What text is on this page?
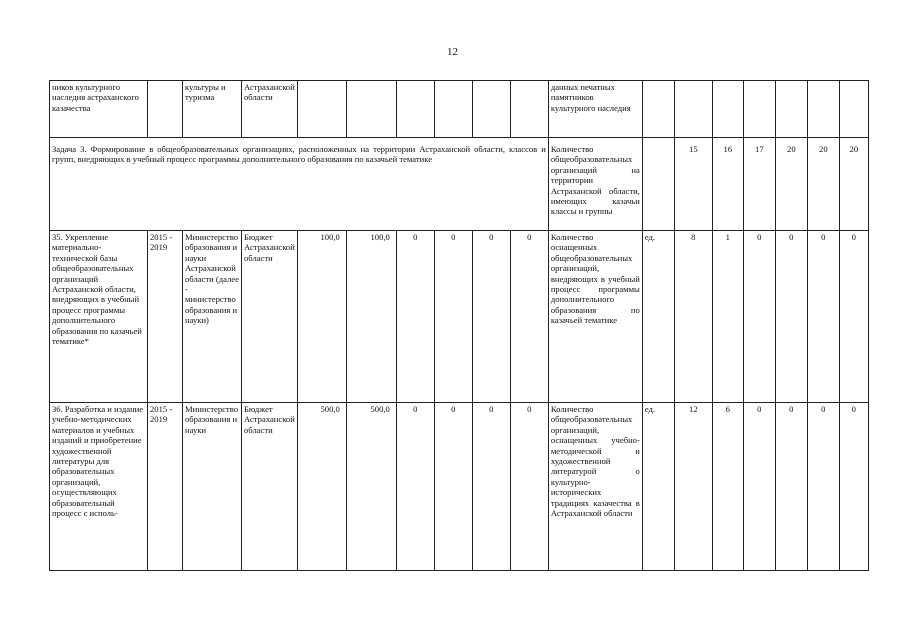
12
ников культурного наследия астраханского казачества		культуры и туризма	Астраханской области							данных печатных памятников культурного наследия							
Задача 3. Формирование в общеобразовательных организациях, расположенных на территории Астраханской области, классов и групп, внедряющих в учебный процесс программы дополнительного образования по казачьей тематике										Количество общеобразовательных организаций на территории Астраханской области, имеющих казачьи классы и группы		15	16	17	20	20	20
35. Укрепление материально-технической базы общеобразовательных организаций Астраханской области, внедряющих в учебный процесс программы дополнительного образования по казачьей тематике*	2015 - 2019	Министерство образования и науки Астраханской области (далее - министерство образования и науки)	Бюджет Астраханской области	100,0	100,0	0	0	0	0	Количество оснащенных общеобразовательных организаций, внедряющих в учебный процесс программы дополнительного образования по казачьей тематике	ед.	8	1	0	0	0	0
36. Разработка и издание учебно-методических материалов и учебных изданий и приобретение художественной литературы для образовательных организаций, осуществляющих образовательный процесс с исполь-	2015 - 2019	Министерство образования и науки	Бюджет Астраханской области	500,0	500,0	0	0	0	0	Количество общеобразовательных организаций, оснащенных учебно-методической и художественной литературой о культурно-исторических традициях казачества в Астраханской области	ед.	12	6	0	0	0	0
